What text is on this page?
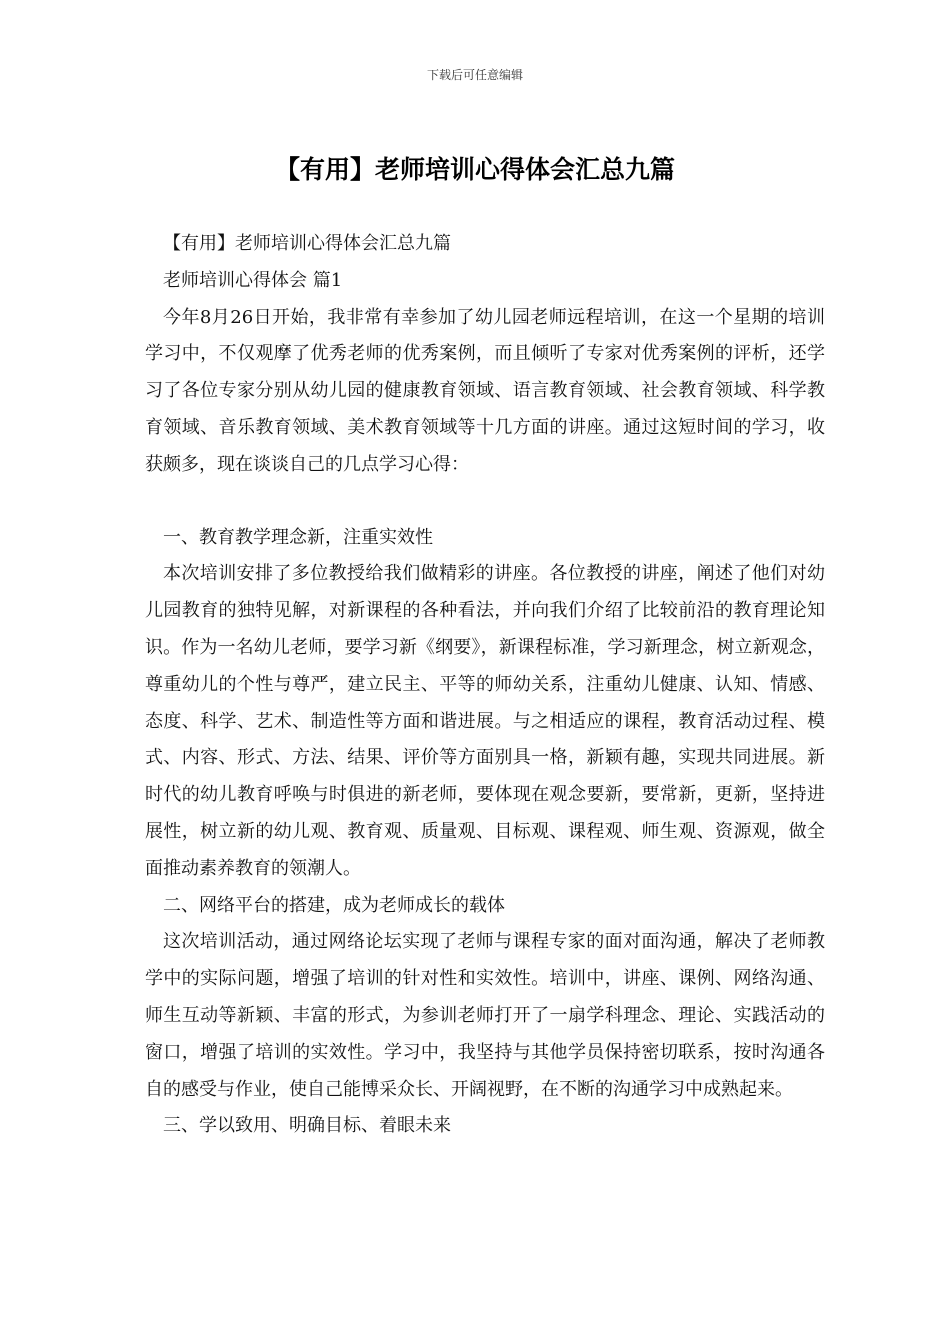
下载后可任意编辑
【有用】老师培训心得体会汇总九篇

【有用】老师培训心得体会汇总九篇

老师培训心得体会 篇1

今年8月26日开始，我非常有幸参加了幼儿园老师远程培训，在这一个星期的培训学习中，不仅观摩了优秀老师的优秀案例，而且倾听了专家对优秀案例的评析，还学习了各位专家分别从幼儿园的健康教育领域、语言教育领域、社会教育领域、科学教育领域、音乐教育领域、美术教育领域等十几方面的讲座。通过这短时间的学习，收获颇多，现在谈谈自己的几点学习心得：

一、教育教学理念新，注重实效性

本次培训安排了多位教授给我们做精彩的讲座。各位教授的讲座，阐述了他们对幼儿园教育的独特见解，对新课程的各种看法，并向我们介绍了比较前沿的教育理论知识。作为一名幼儿老师，要学习新《纲要》，新课程标准，学习新理念，树立新观念，尊重幼儿的个性与尊严，建立民主、平等的师幼关系，注重幼儿健康、认知、情感、态度、科学、艺术、制造性等方面和谐进展。与之相适应的课程，教育活动过程、模式、内容、形式、方法、结果、评价等方面别具一格，新颖有趣，实现共同进展。新时代的幼儿教育呼唤与时俱进的新老师，要体现在观念要新，要常新，更新，坚持进展性，树立新的幼儿观、教育观、质量观、目标观、课程观、师生观、资源观，做全面推动素养教育的领潮人。

二、网络平台的搭建，成为老师成长的载体

这次培训活动，通过网络论坛实现了老师与课程专家的面对面沟通，解决了老师教学中的实际问题，增强了培训的针对性和实效性。培训中，讲座、课例、网络沟通、师生互动等新颖、丰富的形式，为参训老师打开了一扇学科理念、理论、实践活动的窗口，增强了培训的实效性。学习中，我坚持与其他学员保持密切联系，按时沟通各自的感受与作业，使自己能博采众长、开阔视野，在不断的沟通学习中成熟起来。

三、学以致用、明确目标、着眼未来
